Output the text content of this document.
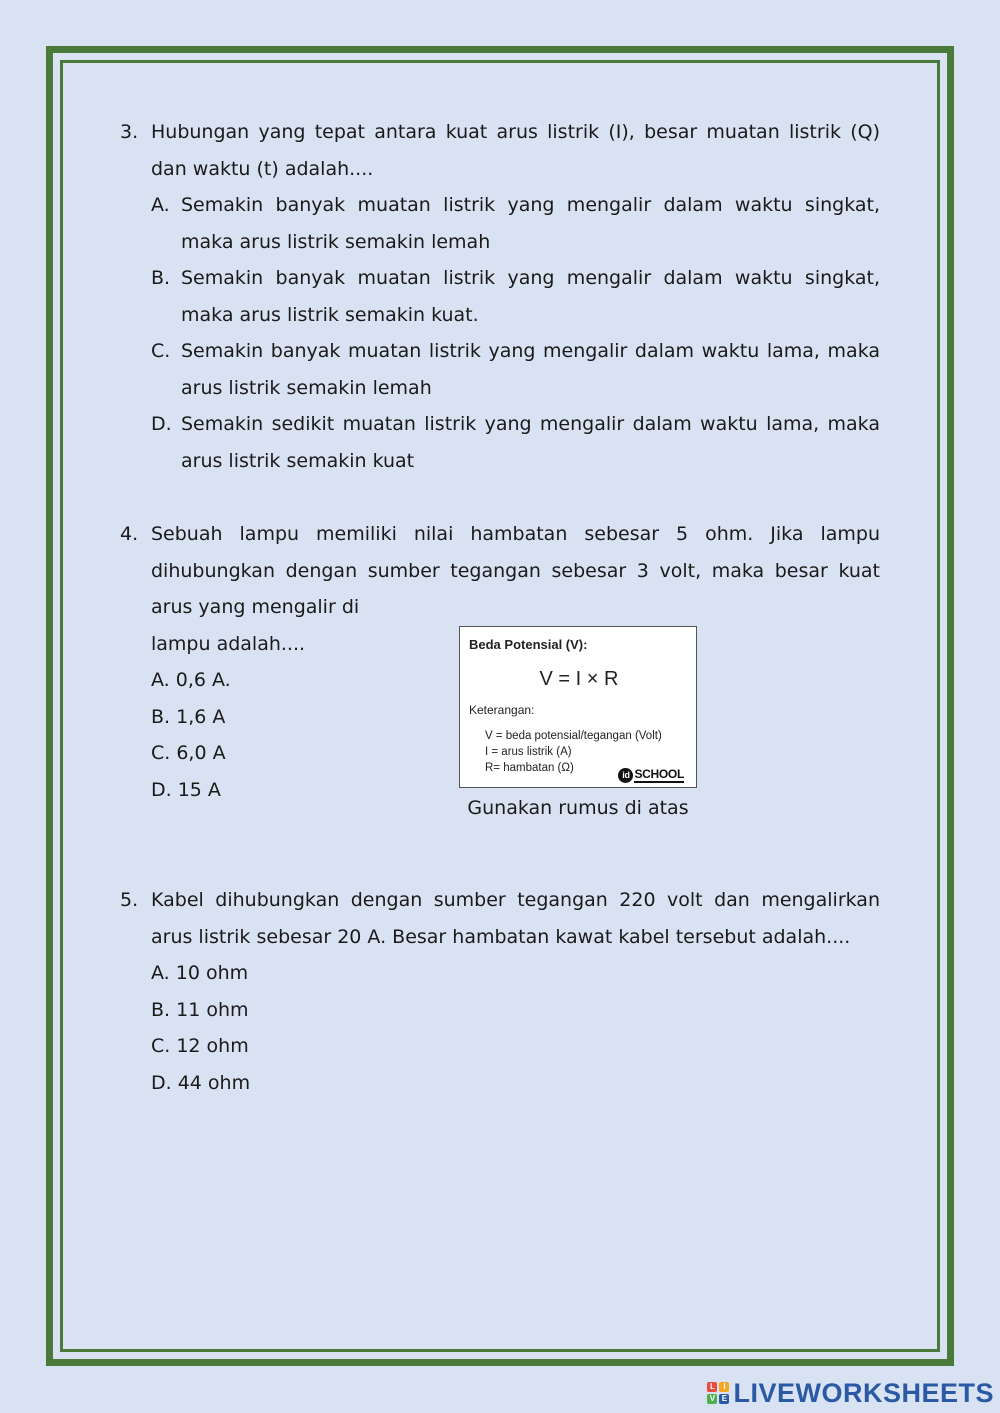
3. Hubungan yang tepat antara kuat arus listrik (I), besar muatan listrik (Q) dan waktu (t) adalah....
A. Semakin banyak muatan listrik yang mengalir dalam waktu singkat, maka arus listrik semakin lemah
B. Semakin banyak muatan listrik yang mengalir dalam waktu singkat, maka arus listrik semakin kuat.
C. Semakin banyak muatan listrik yang mengalir dalam waktu lama, maka arus listrik semakin lemah
D. Semakin sedikit muatan listrik yang mengalir dalam waktu lama, maka arus listrik semakin kuat
4. Sebuah lampu memiliki nilai hambatan sebesar 5 ohm. Jika lampu dihubungkan dengan sumber tegangan sebesar 3 volt, maka besar kuat arus yang mengalir di
lampu adalah....
A. 0,6 A.
B. 1,6 A
C. 6,0 A
D. 15 A
Beda Potensial (V):
V = I × R
Keterangan:
V = beda potensial/tegangan (Volt)
I = arus listrik (A)
R= hambatan (Ω)
id SCHOOL
Gunakan rumus di atas
5. Kabel dihubungkan dengan sumber tegangan 220 volt dan mengalirkan arus listrik sebesar 20 A. Besar hambatan kawat kabel tersebut adalah....
A. 10 ohm
B. 11 ohm
C. 12 ohm
D. 44 ohm
L	I
V E LIVEWORKSHEETS
